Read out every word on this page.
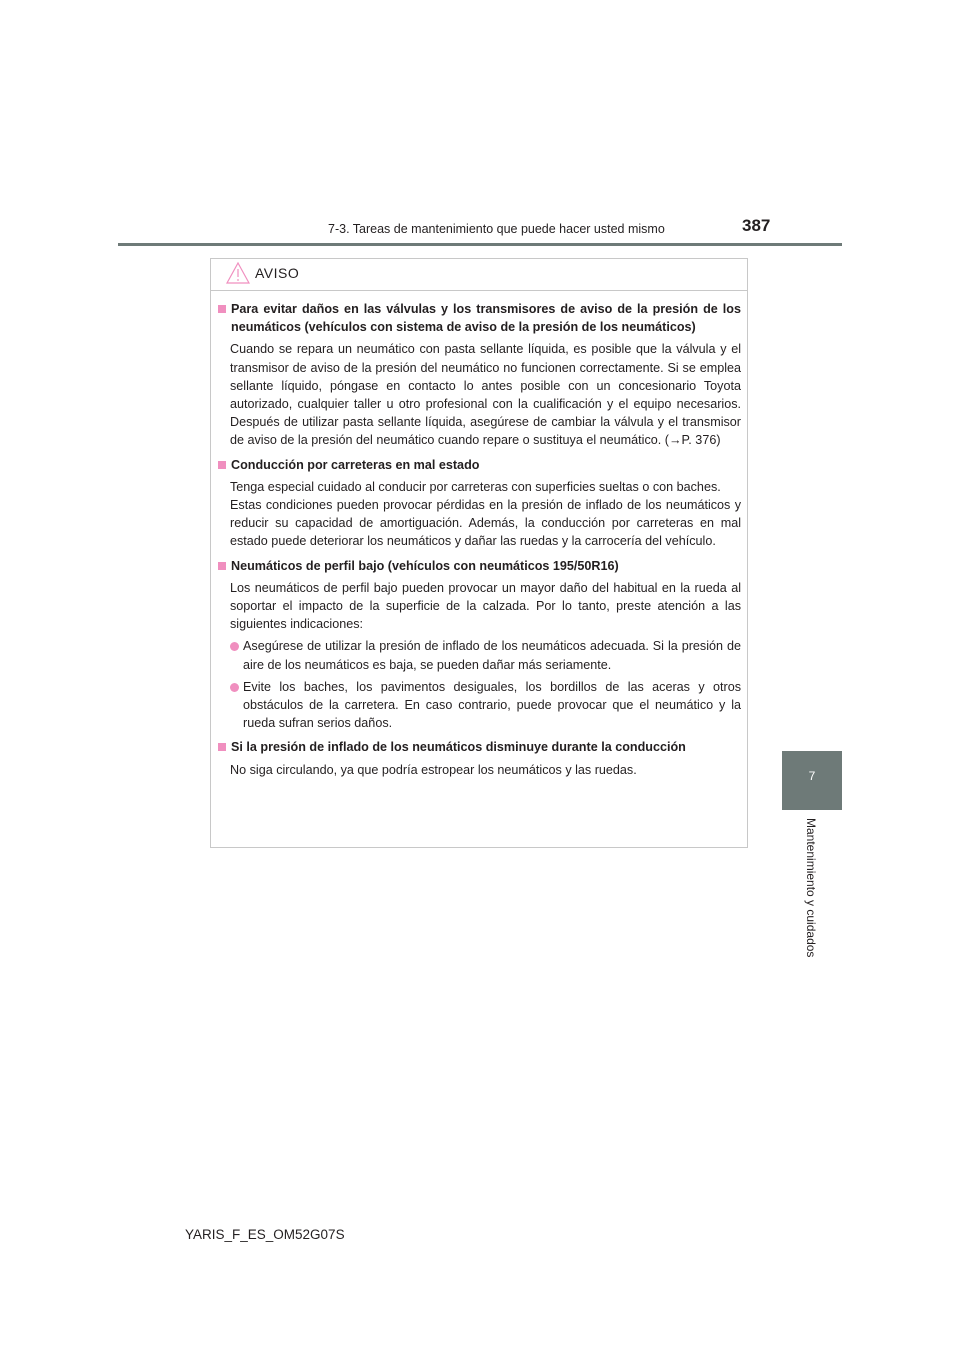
7-3. Tareas de mantenimiento que puede hacer usted mismo	387
7
Mantenimiento y cuidados
AVISO
Para evitar daños en las válvulas y los transmisores de aviso de la presión de los neumáticos (vehículos con sistema de aviso de la presión de los neumáticos)
Cuando se repara un neumático con pasta sellante líquida, es posible que la válvula y el transmisor de aviso de la presión del neumático no funcionen correctamente. Si se emplea sellante líquido, póngase en contacto lo antes posible con un concesionario Toyota autorizado, cualquier taller u otro profesional con la cualificación y el equipo necesarios. Después de utilizar pasta sellante líquida, asegúrese de cambiar la válvula y el transmisor de aviso de la presión del neumático cuando repare o sustituya el neumático. (→P. 376)
Conducción por carreteras en mal estado
Tenga especial cuidado al conducir por carreteras con superficies sueltas o con baches.
Estas condiciones pueden provocar pérdidas en la presión de inflado de los neumáticos y reducir su capacidad de amortiguación. Además, la conducción por carreteras en mal estado puede deteriorar los neumáticos y dañar las ruedas y la carrocería del vehículo.
Neumáticos de perfil bajo (vehículos con neumáticos 195/50R16)
Los neumáticos de perfil bajo pueden provocar un mayor daño del habitual en la rueda al soportar el impacto de la superficie de la calzada. Por lo tanto, preste atención a las siguientes indicaciones:
Asegúrese de utilizar la presión de inflado de los neumáticos adecuada. Si la presión de aire de los neumáticos es baja, se pueden dañar más seriamente.
Evite los baches, los pavimentos desiguales, los bordillos de las aceras y otros obstáculos de la carretera. En caso contrario, puede provocar que el neumático y la rueda sufran serios daños.
Si la presión de inflado de los neumáticos disminuye durante la conducción
No siga circulando, ya que podría estropear los neumáticos y las ruedas.
YARIS_F_ES_OM52G07S
